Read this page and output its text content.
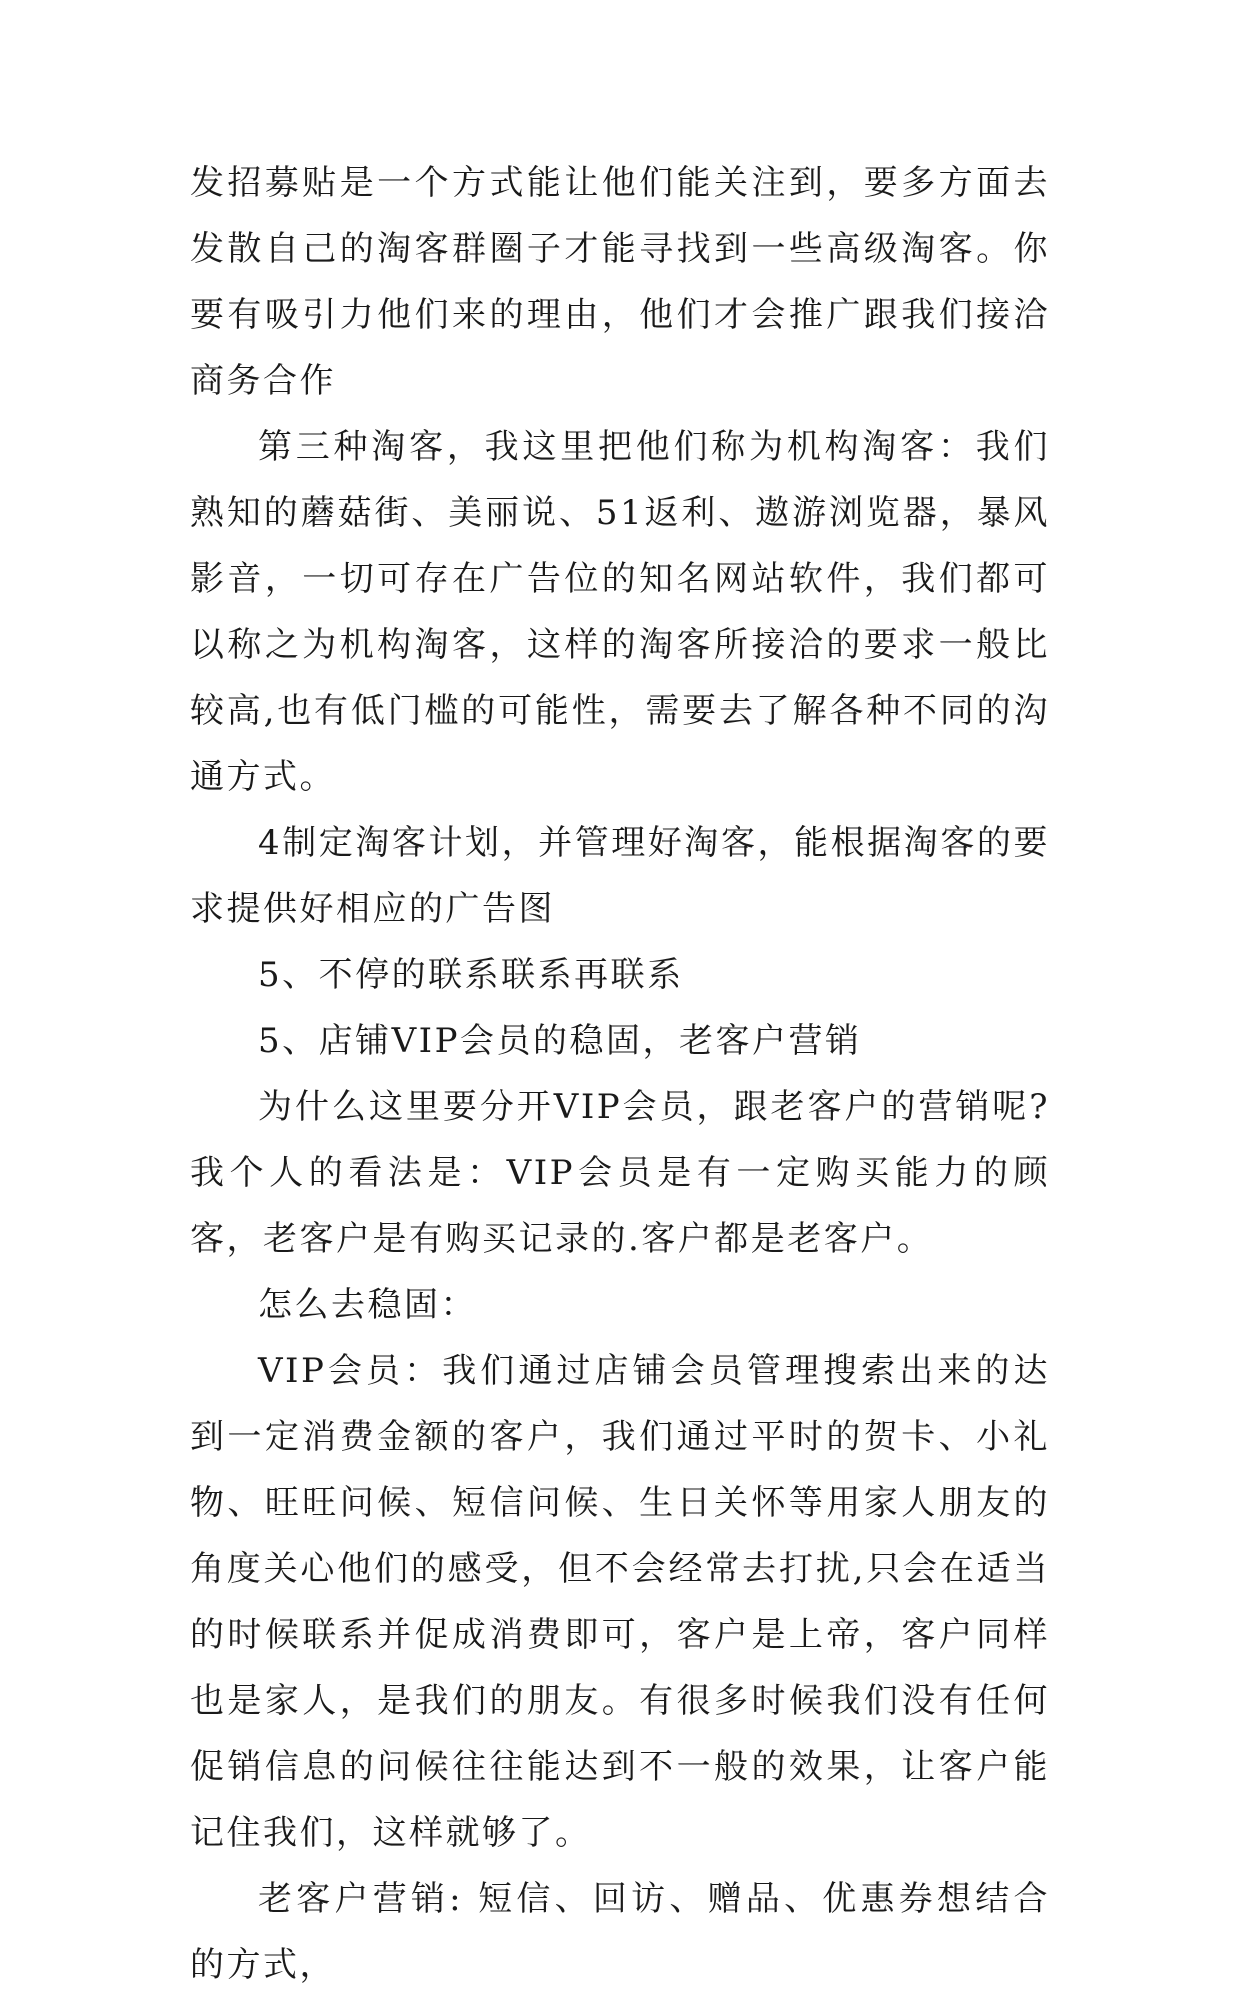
发招募贴是一个方式能让他们能关注到，要多方面去发散自己的淘客群圈子才能寻找到一些高级淘客。你要有吸引力他们来的理由，他们才会推广跟我们接洽商务合作

第三种淘客，我这里把他们称为机构淘客：我们熟知的蘑菇街、美丽说、51返利、遨游浏览器，暴风影音，一切可存在广告位的知名网站软件，我们都可以称之为机构淘客，这样的淘客所接洽的要求一般比较高,也有低门槛的可能性，需要去了解各种不同的沟通方式。

4制定淘客计划，并管理好淘客，能根据淘客的要求提供好相应的广告图

5、不停的联系联系再联系

5、店铺VIP会员的稳固，老客户营销

为什么这里要分开VIP会员，跟老客户的营销呢?我个人的看法是：VIP会员是有一定购买能力的顾客，老客户是有购买记录的.客户都是老客户。

怎么去稳固：

VIP会员：我们通过店铺会员管理搜索出来的达到一定消费金额的客户，我们通过平时的贺卡、小礼物、旺旺问候、短信问候、生日关怀等用家人朋友的角度关心他们的感受，但不会经常去打扰,只会在适当的时候联系并促成消费即可，客户是上帝，客户同样也是家人，是我们的朋友。有很多时候我们没有任何促销信息的问候往往能达到不一般的效果，让客户能记住我们，这样就够了。

老客户营销: 短信、回访、赠品、优惠券想结合的方式，
